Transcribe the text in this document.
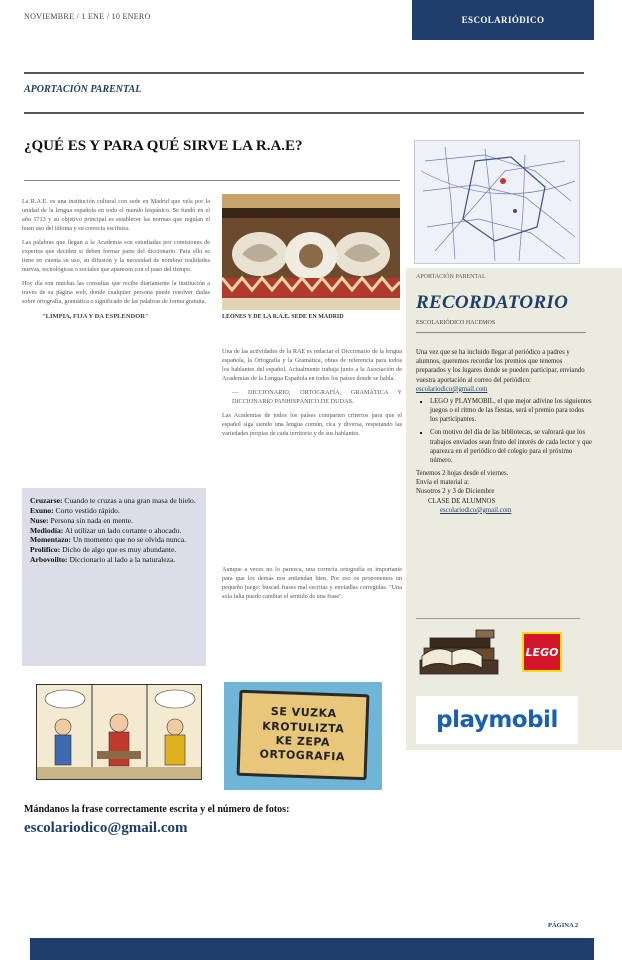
NOVIEMBRE / 1 ENE / 10 ENERO	ESCOLARIÓDICO
APORTACIÓN PARENTAL
¿QUÉ ES Y PARA QUÉ SIRVE LA R.A.E?

La R.A.E. es una institución cultural con sede en Madrid que vela por la unidad de la lengua española en todo el mundo hispánico. Se fundó en el año 1713 y su objetivo principal es establecer las normas que regulan el buen uso del idioma y su correcta escritura.

Las palabras que llegan a la Academia son estudiadas por comisiones de expertos que deciden si deben formar parte del diccionario. Para ello se tiene en cuenta su uso, su difusión y la necesidad de nombrar realidades nuevas, tecnológicas o sociales que aparecen con el paso del tiempo.

Hoy día son muchas las consultas que recibe diariamente la institución a través de su página web, donde cualquier persona puede resolver dudas sobre ortografía, gramática o significado de las palabras de forma gratuita.

"LIMPIA, FIJA Y DA ESPLENDOR"
Cruzarse: Cuando te cruzas a una gran masa de hielo.
Exuno: Corto vestido rápido.
Nuse: Persona sin nada en mente.
Mediodía: Al utilizar un lado cortante o ahocado.
Momentazo: Un momento que no se olvida nunca.
Prolífico: Dicho de algo que es muy abundante.
Arbovoilto: Diccionario al lado a la naturaleza.
LEONES Y DE LA R.A.E. SEDE EN MADRID

Una de las actividades de la RAE es redactar el Diccionario de la lengua española, la Ortografía y la Gramática, obras de referencia para todos los hablantes del español. Actualmente trabaja junto a la Asociación de Academias de la Lengua Española en todos los países donde se habla.

— DICCIONARIO, ORTOGRAFÍA, GRAMÁTICA Y DICCIONARIO PANHISPÁNICO DE DUDAS.

Las Academias de todos los países comparten criterios para que el español siga siendo una lengua común, rica y diversa, respetando las variedades propias de cada territorio y de sus hablantes.

Aunque a veces no lo parezca, una correcta ortografía es importante para que los demás nos entiendan bien. Por eso os proponemos un pequeño juego: buscad frases mal escritas y enviadlas corregidas. "Una sola falta puede cambiar el sentido de una frase".

APORTACIÓN PARENTAL
RECORDATORIO
ESCOLARIÓDICO HACEMOS
Una vez que se ha incluido llegar al periódico a padres y alumnos, queremos recordar los premios que tenemos preparados y los lugares donde se pueden participar, enviando vuestra aportación al correo del periódico: escolariodico@gmail.com
▪ LEGO y PLAYMOBIL, el que mejor adivine los siguientes juegos o el ritmo de las fiestas, será el premio para todos los participantes.
▪ Con motivo del día de las bibliotecas, se valorará que los trabajos enviados sean fruto del interés de cada lector y que aparezca en el periódico del colegio para el próximo número.
Tenemos 2 hojas desde el viernes.
Envía el material a:
Nosotros 2 y 3 de Diciembre
CLASE DE ALUMNOS
escolariodico@gmail.com
LEGO
playmobil
SE VUZKA
KROTULIZTA
KE ZEPA
ORTOGRAFIA
Mándanos la frase correctamente escrita y el número de fotos:
escolariodico@gmail.com
PÁGINA 2
